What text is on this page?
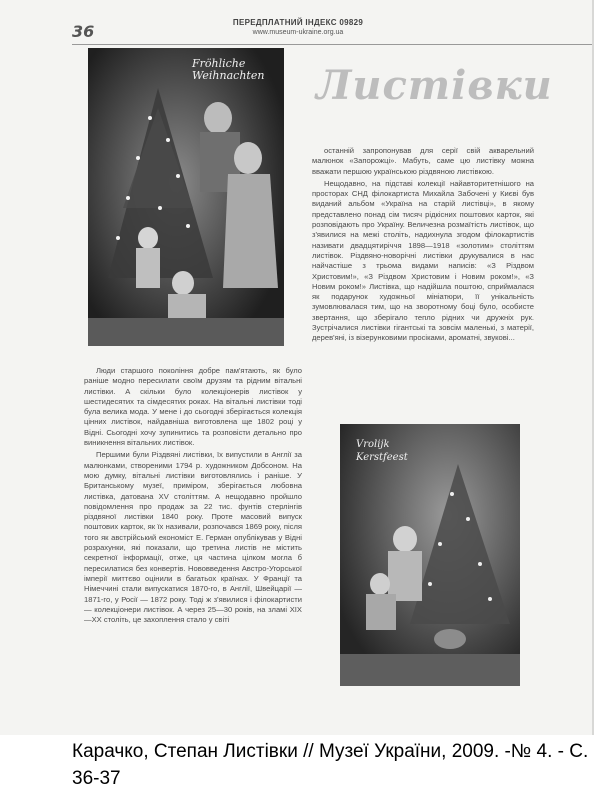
36	ПЕРЕДПЛАТНИЙ ІНДЕКС 09829
www.museum-ukraine.org.ua
Листівки
Fröhliche
Weihnachten

Люди старшого покоління добре пам'ятають, як було раніше модно пересилати своїм друзям та рідним вітальні листівки. А скільки було колекціонерів листівок у шестидесятих та сімдесятих роках. На вітальні листівки тоді була велика мода. У мене і до сьогодні зберігається колекція цінних листівок, найдавніша виготовлена ще 1802 році у Відні. Сьогодні хочу зупинитись та розповісти детально про виникнення вітальних листівок.

Першими були Різдвяні листівки, їх випустили в Англії за малюнками, створеними 1794 р. художником Добсоном. На мою думку, вітальні листівки виготовлялись і раніше. У Британському музеї, приміром, зберігається любовна листівка, датована XV століттям. А нещодавно пройшло повідомлення про продаж за 22 тис. фунтів стерлінгів різдвяної листівки 1840 року. Проте масовий випуск поштових карток, як їх називали, розпочався 1869 року, після того як австрійський економіст Е. Герман опублікував у Відні розрахунки, які показали, що третина листів не містить секретної інформації, отже, ця частина цілком могла б пересилатися без конвертів. Нововведення Австро-Угорської імперії миттєво оцінили в багатьох країнах. У Франції та Німеччині стали випускатися 1870-го, в Англії, Швейцарії — 1871-го, у Росії — 1872 року. Тоді ж з'явилися і філокартисти — колекціонери листівок. А через 25—30 років, на зламі XIX—XX століть, це захоплення стало у світі

останній запропонував для серії свій акварельний малюнок «Запорожці». Мабуть, саме цю листівку можна вважати першою українською різдвяною листівкою.

Нещодавно, на підставі колекції найавторитетнішого на просторах СНД філокартиста Михайла Забочені у Києві був виданий альбом «Україна на старій листівці», в якому представлено понад сім тисяч рідкісних поштових карток, які розповідають про Україну. Величезна розмаїтість листівок, що з'явилися на межі століть, надихнула згодом філокартистів називати двадцятиріччя 1898—1918 «золотим» століттям листівок. Різдвяно-новорічні листівки друкувалися в нас найчастіше з трьома видами написів: «З Різдвом Христовим!», «З Різдвом Христовим і Новим роком!», «З Новим роком!» Листівка, що надійшла поштою, сприймалася як подарунок художньої мініатюри, її унікальність зумовлювалася тим, що на зворотному боці було, особисте звертання, що зберігало тепло рідних чи дружніх рук. Зустрічалися листівки гігантські та зовсім маленькі, з матерії, дерев'яні, із візерунковими просіками, ароматні, звукові...

Vrolijk
Kerstfeest
Карачко, Степан Листівки // Музеї України, 2009. -№ 4. - С. 36-37
